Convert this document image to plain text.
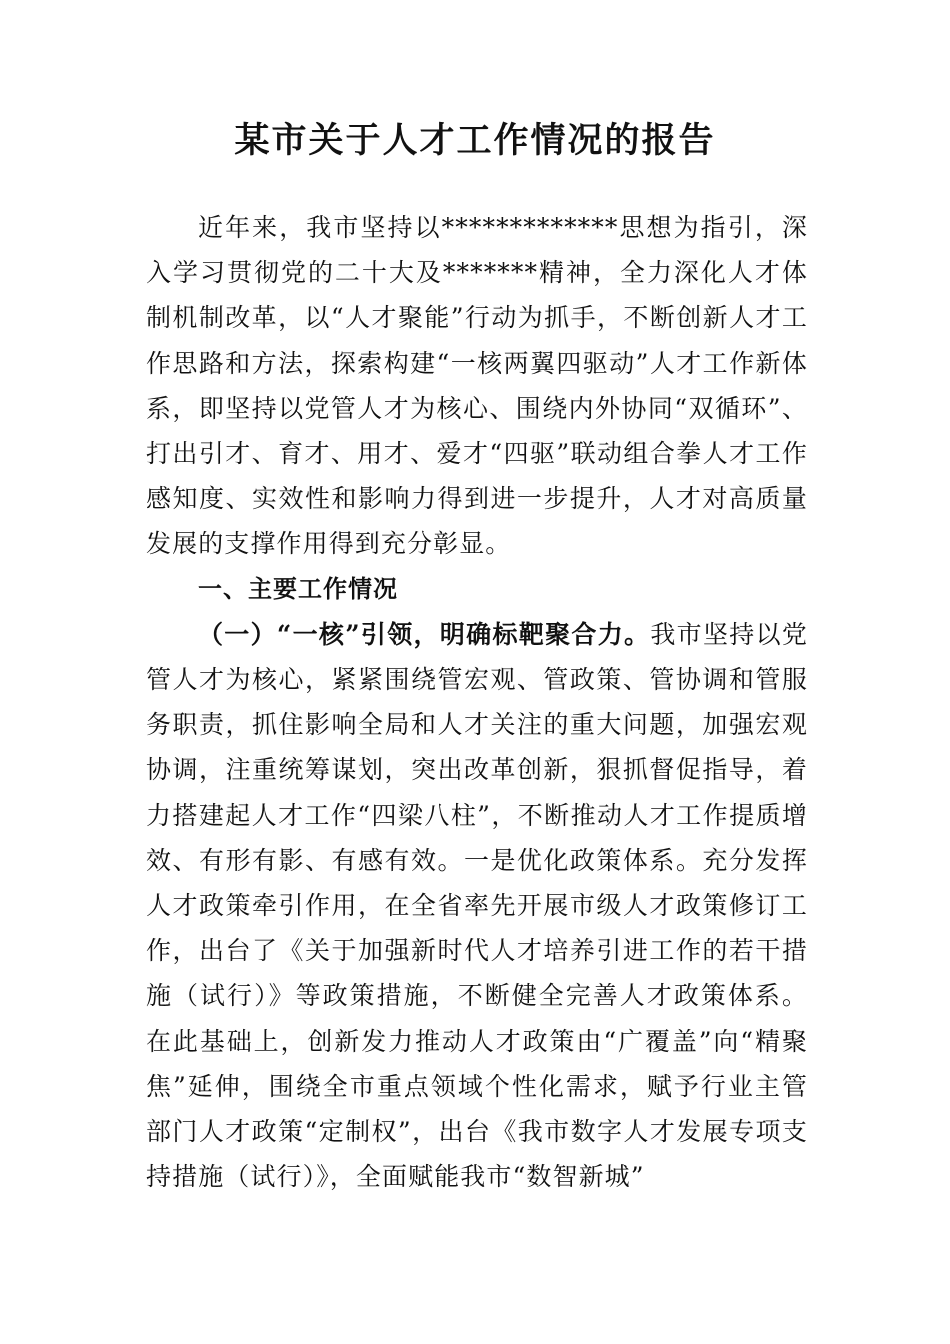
某市关于人才工作情况的报告

近年来，我市坚持以*************思想为指引，深入学习贯彻党的二十大及*******精神，全力深化人才体制机制改革，以“人才聚能”行动为抓手，不断创新人才工作思路和方法，探索构建“一核两翼四驱动”人才工作新体系，即坚持以党管人才为核心、围绕内外协同“双循环”、打出引才、育才、用才、爱才“四驱”联动组合拳人才工作感知度、实效性和影响力得到进一步提升，人才对高质量发展的支撑作用得到充分彰显。

一、主要工作情况

（一）“一核”引领，明确标靶聚合力。我市坚持以党管人才为核心，紧紧围绕管宏观、管政策、管协调和管服务职责，抓住影响全局和人才关注的重大问题，加强宏观协调，注重统筹谋划，突出改革创新，狠抓督促指导，着力搭建起人才工作“四梁八柱”，不断推动人才工作提质增效、有形有影、有感有效。一是优化政策体系。充分发挥人才政策牵引作用，在全省率先开展市级人才政策修订工作，出台了《关于加强新时代人才培养引进工作的若干措施（试行）》等政策措施，不断健全完善人才政策体系。在此基础上，创新发力推动人才政策由“广覆盖”向“精聚焦”延伸，围绕全市重点领域个性化需求，赋予行业主管部门人才政策“定制权”，出台《我市数字人才发展专项支持措施（试行）》，全面赋能我市“数智新城”
